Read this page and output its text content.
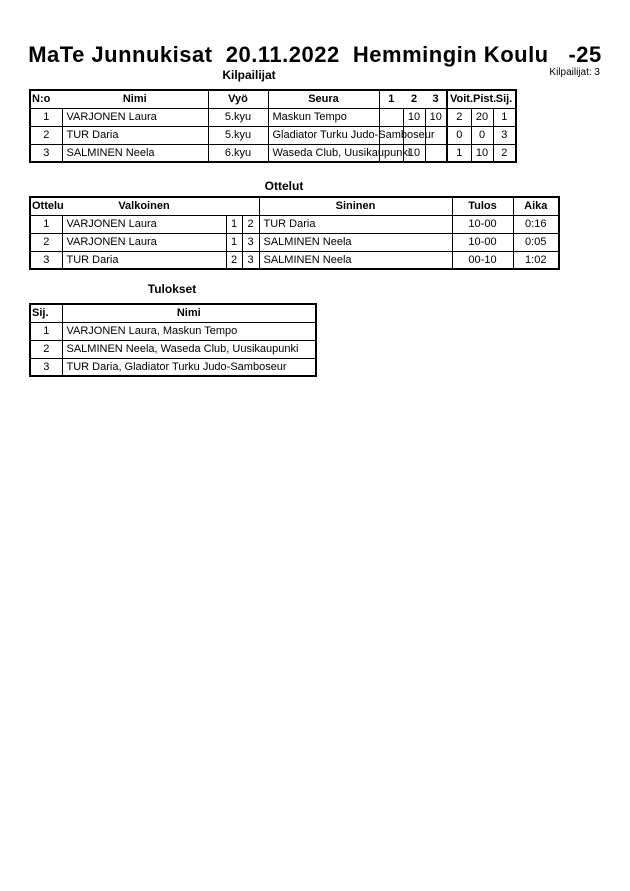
MaTe Junnukisat  20.11.2022  Hemmingin Koulu   -25
Kilpailijat	Kilpailijat: 3
N:o	Nimi	Vyö	Seura	1	2	3	Voit.	Pist.	Sij.
1	VARJONEN Laura	5.kyu	Maskun Tempo		10	10	2	20	1
2	TUR Daria	5.kyu	Gladiator Turku Judo-Samboseur				0	0	3
3	SALMINEN Neela	6.kyu	Waseda Club, Uusikaupunki		10		1	10	2
Ottelut
Ottelu	Valkoinen			Sininen	Tulos	Aika
1	VARJONEN Laura	1	2	TUR Daria	10-00	0:16
2	VARJONEN Laura	1	3	SALMINEN Neela	10-00	0:05
3	TUR Daria	2	3	SALMINEN Neela	00-10	1:02
Tulokset
Sij.	Nimi
1	VARJONEN Laura, Maskun Tempo
2	SALMINEN Neela, Waseda Club, Uusikaupunki
3	TUR Daria, Gladiator Turku Judo-Samboseur
